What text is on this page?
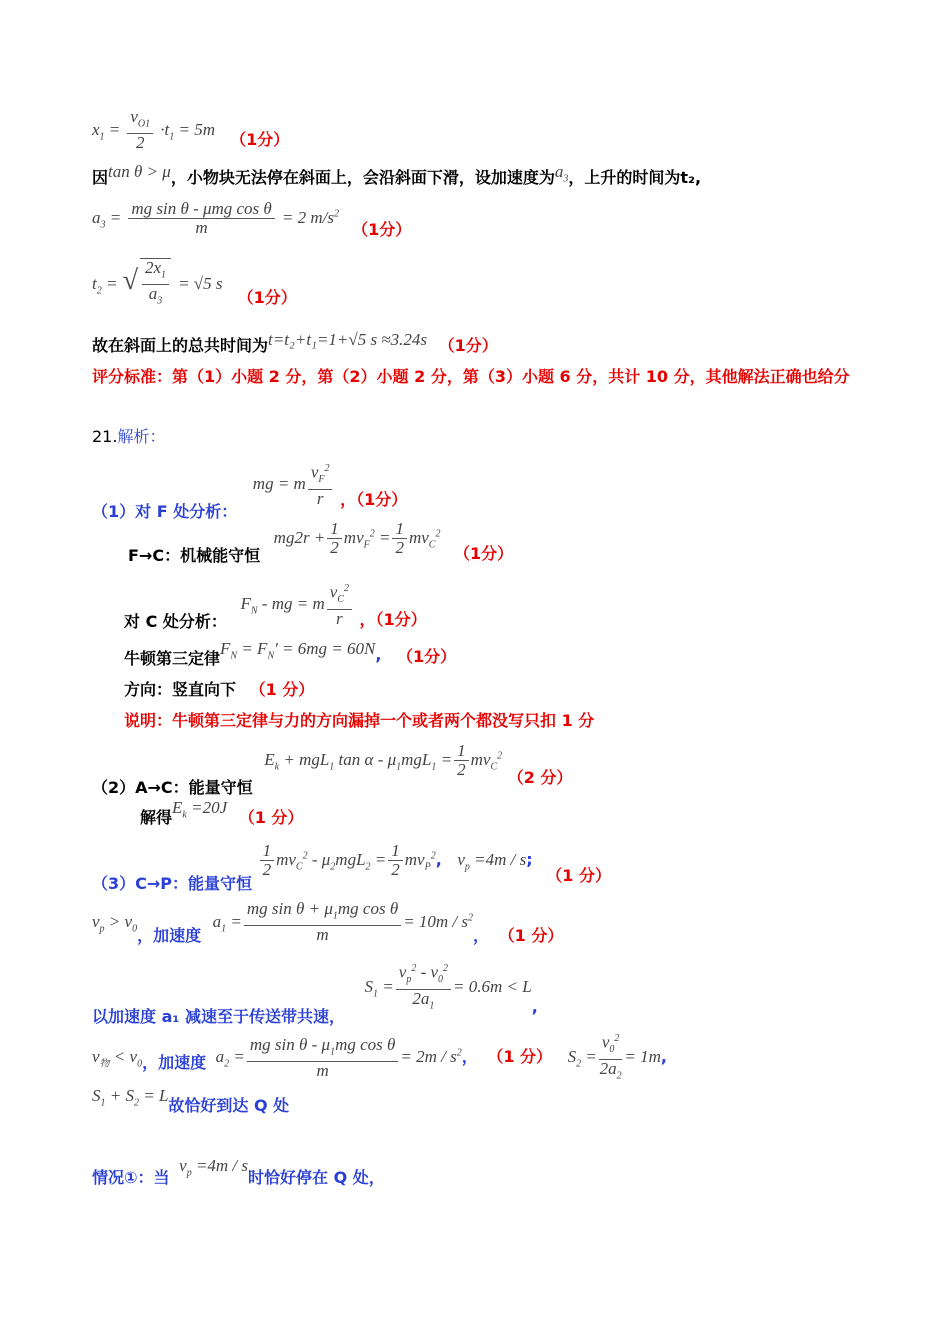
$x_1 = \frac{v_{O1}}{2} \cdot t_1 = 5m$ （1分）
因tan θ > μ，小物块无法停在斜面上，会沿斜面下滑，设加速度为$a_3$，上升的时间为t₂,
$a_3 = \frac{\text{mg sin θ - μmg cos θ}}{m} = 2$ $m/s^2$ （1分）
$t_2$ = √ $\frac{2x_1}{a_3} = √5$ s （1分）
故在斜面上的总共时间为t=t₂+t₁=1+√5 s ≈3.24s （1分）
评分标准：第（1）小题 2 分，第（2）小题 2 分，第（3）小题 6 分，共计 10 分，其他解法正确也给分
21.解析：
（1）对 F 处分析： mg = m $\frac{v_F^2}{r}$ ，（1分）
F→C：机械能守恒 $mg2r + \frac{1}{2} mv_F^2 = \frac{1}{2} mv_C^2$ （1分）
对 C 处分析： $F_N$ - mg = m $\frac{v_C^2}{r}$ ，（1分）
牛顿第三定律$F_N = F_N' = 6mg = 60N$, （1分）
方向：竖直向下 （1 分）
说明：牛顿第三定律与力的方向漏掉一个或者两个都没写只扣 1 分
（2）A→C：能量守恒 $E_k + mgL_1$ $\tan \alpha - \mu_1mgL_1 = \frac{1}{2} mv_C^2$ （2 分）
解得$E_k =20J$ （1 分）
（3）C→P：能量守恒
$\frac{1}{2} mv_C^2 - \mu_2mgL_2 = \frac{1}{2} mv_P^2$, $v_p =4m / s$; （1 分）
$v_p > v_0$，加速度 $a_1 = \frac{mg \sin \theta + \mu_1mg \cos \theta}{m} = 10m / s^2$， （1 分）
以加速度 a₁ 减速至于传送带共速， $S_1 = \frac{v_p^2 - v_0^2}{2a_1} = 0.6m < L$,
$v_物 < v_0$，加速度 $a_2 = \frac{mg \sin \theta - \mu_1mg \cos \theta}{m} = 2m / s^2$， （1 分） $S_2 = \frac{v_0^2}{2a_2} = 1m$,
$S_1 + S_2 = L$故恰好到达 Q 处
情况①：当 $v_p =4m / s$时恰好停在 Q 处，
